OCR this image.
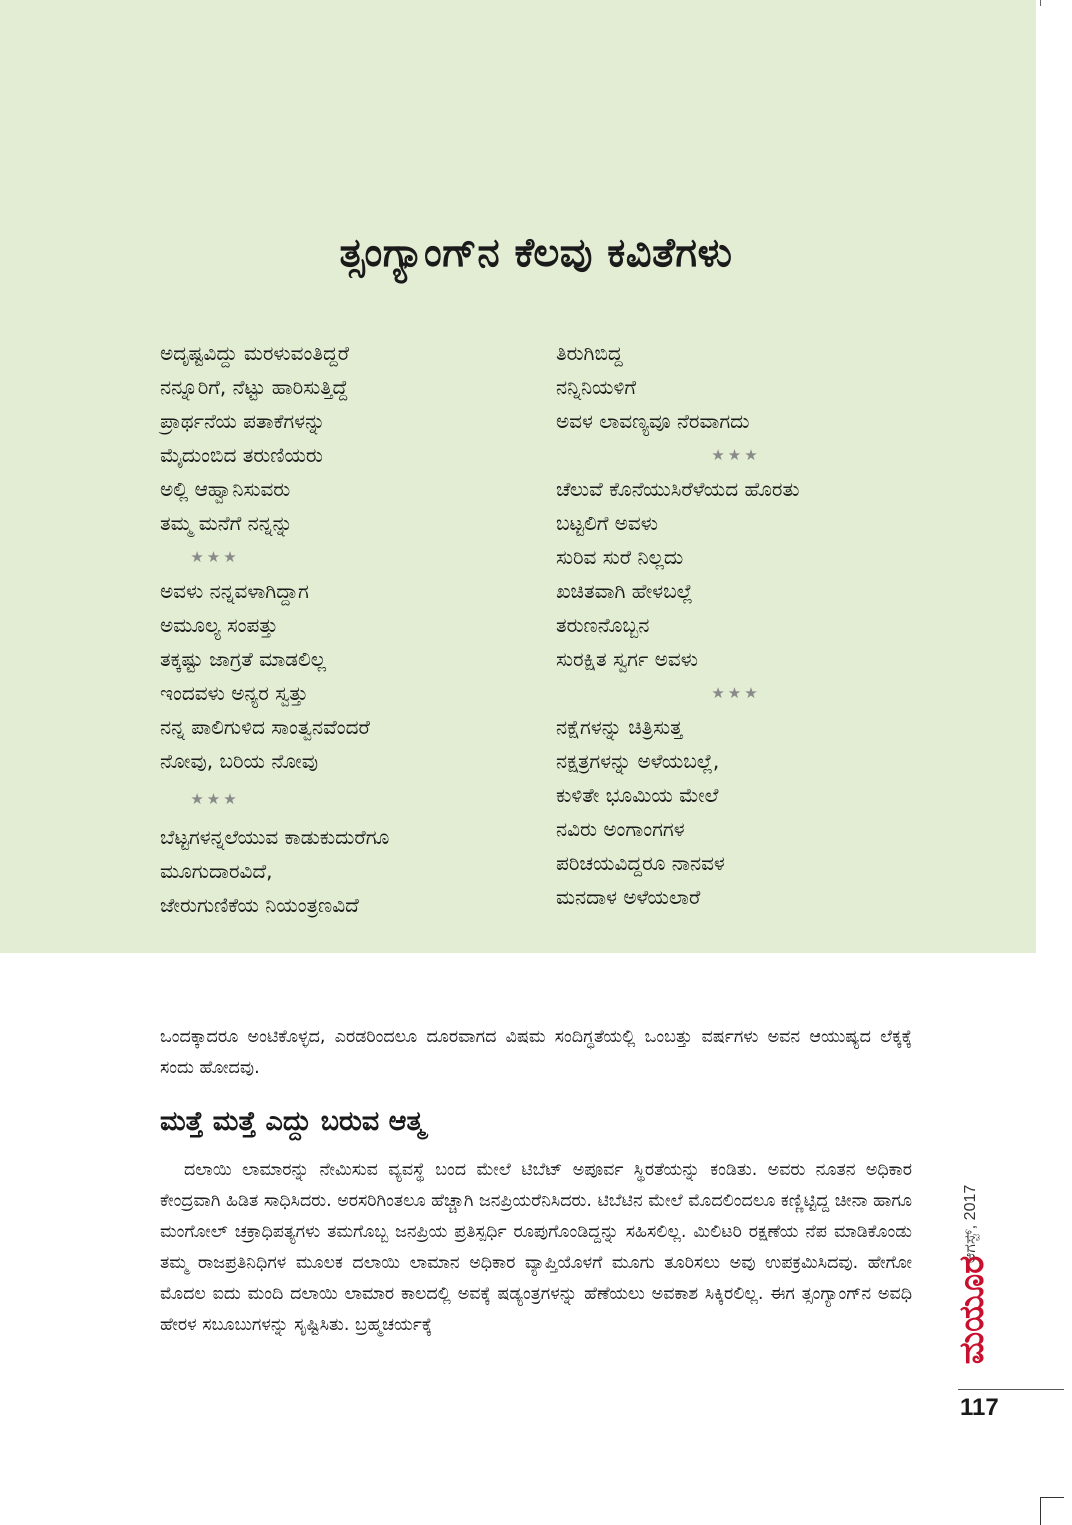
ತ್ಸಂಗ್ಯಾಂಗ್‌ನ ಕೆಲವು ಕವಿತೆಗಳು
ಅದೃಷ್ಟವಿದ್ದು ಮರಳುವಂತಿದ್ದರೆ
ನನ್ನೂರಿಗೆ, ನೆಟ್ಟು ಹಾರಿಸುತ್ತಿದ್ದೆ
ಪ್ರಾರ್ಥನೆಯ ಪತಾಕೆಗಳನ್ನು
ಮೈದುಂಬಿದ ತರುಣಿಯರು
ಅಲ್ಲಿ ಆಹ್ವಾನಿಸುವರು
ತಮ್ಮ ಮನೆಗೆ ನನ್ನನ್ನು
★★★
ಅವಳು ನನ್ನವಳಾಗಿದ್ದಾಗ
ಅಮೂಲ್ಯ ಸಂಪತ್ತು
ತಕ್ಕಷ್ಟು ಜಾಗ್ರತೆ ಮಾಡಲಿಲ್ಲ
ಇಂದವಳು ಅನ್ಯರ ಸ್ವತ್ತು
ನನ್ನ ಪಾಲಿಗುಳಿದ ಸಾಂತ್ವನವೆಂದರೆ
ನೋವು, ಬರಿಯ ನೋವು
★★★
ಬೆಟ್ಟಗಳನ್ನಲೆಯುವ ಕಾಡುಕುದುರೆಗೂ
ಮೂಗುದಾರವಿದೆ,
ಜೇರುಗುಣಿಕೆಯ ನಿಯಂತ್ರಣವಿದೆ
ತಿರುಗಿಬಿದ್ದ
ನನ್ನಿನಿಯಳಿಗೆ
ಅವಳ ಲಾವಣ್ಯವೂ ನೆರವಾಗದು
★★★
ಚೆಲುವೆ ಕೊನೆಯುಸಿರೆಳೆಯದ ಹೊರತು
ಬಟ್ಟಲಿಗೆ ಅವಳು
ಸುರಿವ ಸುರೆ ನಿಲ್ಲದು
ಖಚಿತವಾಗಿ ಹೇಳಬಲ್ಲೆ
ತರುಣನೊಬ್ಬನ
ಸುರಕ್ಷಿತ ಸ್ವರ್ಗ ಅವಳು
★★★
ನಕ್ಷೆಗಳನ್ನು ಚಿತ್ರಿಸುತ್ತ
ನಕ್ಷತ್ರಗಳನ್ನು ಅಳೆಯಬಲ್ಲೆ,
ಕುಳಿತೇ ಭೂಮಿಯ ಮೇಲೆ
ನವಿರು ಅಂಗಾಂಗಗಳ
ಪರಿಚಯವಿದ್ದರೂ ನಾನವಳ
ಮನದಾಳ ಅಳೆಯಲಾರೆ
ಒಂದಕ್ಕಾದರೂ ಅಂಟಿಕೊಳ್ಳದ, ಎರಡರಿಂದಲೂ ದೂರವಾಗದ ವಿಷಮ ಸಂದಿಗ್ಧತೆಯಲ್ಲಿ ಒಂಬತ್ತು ವರ್ಷಗಳು ಅವನ ಆಯುಷ್ಯದ ಲೆಕ್ಕಕ್ಕೆ ಸಂದು ಹೋದವು.
ಮತ್ತೆ ಮತ್ತೆ ಎದ್ದು ಬರುವ ಆತ್ಮ
ದಲಾಯಿ ಲಾಮಾರನ್ನು ನೇಮಿಸುವ ವ್ಯವಸ್ಥೆ ಬಂದ ಮೇಲೆ ಟಿಬೆಟ್ ಅಪೂರ್ವ ಸ್ಥಿರತೆಯನ್ನು ಕಂಡಿತು. ಅವರು ನೂತನ ಅಧಿಕಾರ ಕೇಂದ್ರವಾಗಿ ಹಿಡಿತ ಸಾಧಿಸಿದರು. ಅರಸರಿಗಿಂತಲೂ ಹೆಚ್ಚಾಗಿ ಜನಪ್ರಿಯರೆನಿಸಿದರು. ಟಿಬೆಟಿನ ಮೇಲೆ ಮೊದಲಿಂದಲೂ ಕಣ್ಣಿಟ್ಟಿದ್ದ ಚೀನಾ ಹಾಗೂ ಮಂಗೋಲ್ ಚಕ್ರಾಧಿಪತ್ಯಗಳು ತಮಗೊಬ್ಬ ಜನಪ್ರಿಯ ಪ್ರತಿಸ್ಪರ್ಧಿ ರೂಪುಗೊಂಡಿದ್ದನ್ನು ಸಹಿಸಲಿಲ್ಲ. ಮಿಲಿಟರಿ ರಕ್ಷಣೆಯ ನೆಪ ಮಾಡಿಕೊಂಡು ತಮ್ಮ ರಾಜಪ್ರತಿನಿಧಿಗಳ ಮೂಲಕ ದಲಾಯಿ ಲಾಮಾನ ಅಧಿಕಾರ ವ್ಯಾಪ್ತಿಯೊಳಗೆ ಮೂಗು ತೂರಿಸಲು ಅವು ಉಪಕ್ರಮಿಸಿದವು. ಹೇಗೋ ಮೊದಲ ಐದು ಮಂದಿ ದಲಾಯಿ ಲಾಮಾರ ಕಾಲದಲ್ಲಿ ಅವಕ್ಕೆ ಷಡ್ಯಂತ್ರಗಳನ್ನು ಹೆಣೆಯಲು ಅವಕಾಶ ಸಿಕ್ಕಿರಲಿಲ್ಲ. ಈಗ ತ್ಸಂಗ್ಯಾಂಗ್‌ನ ಅವಧಿ ಹೇರಳ ಸಬೂಬುಗಳನ್ನು ಸೃಷ್ಟಿಸಿತು. ಬ್ರಹ್ಮಚರ್ಯಕ್ಕೆ
ಆಗಸ್ಟ್, 2017
ಮಯೂರ
117
